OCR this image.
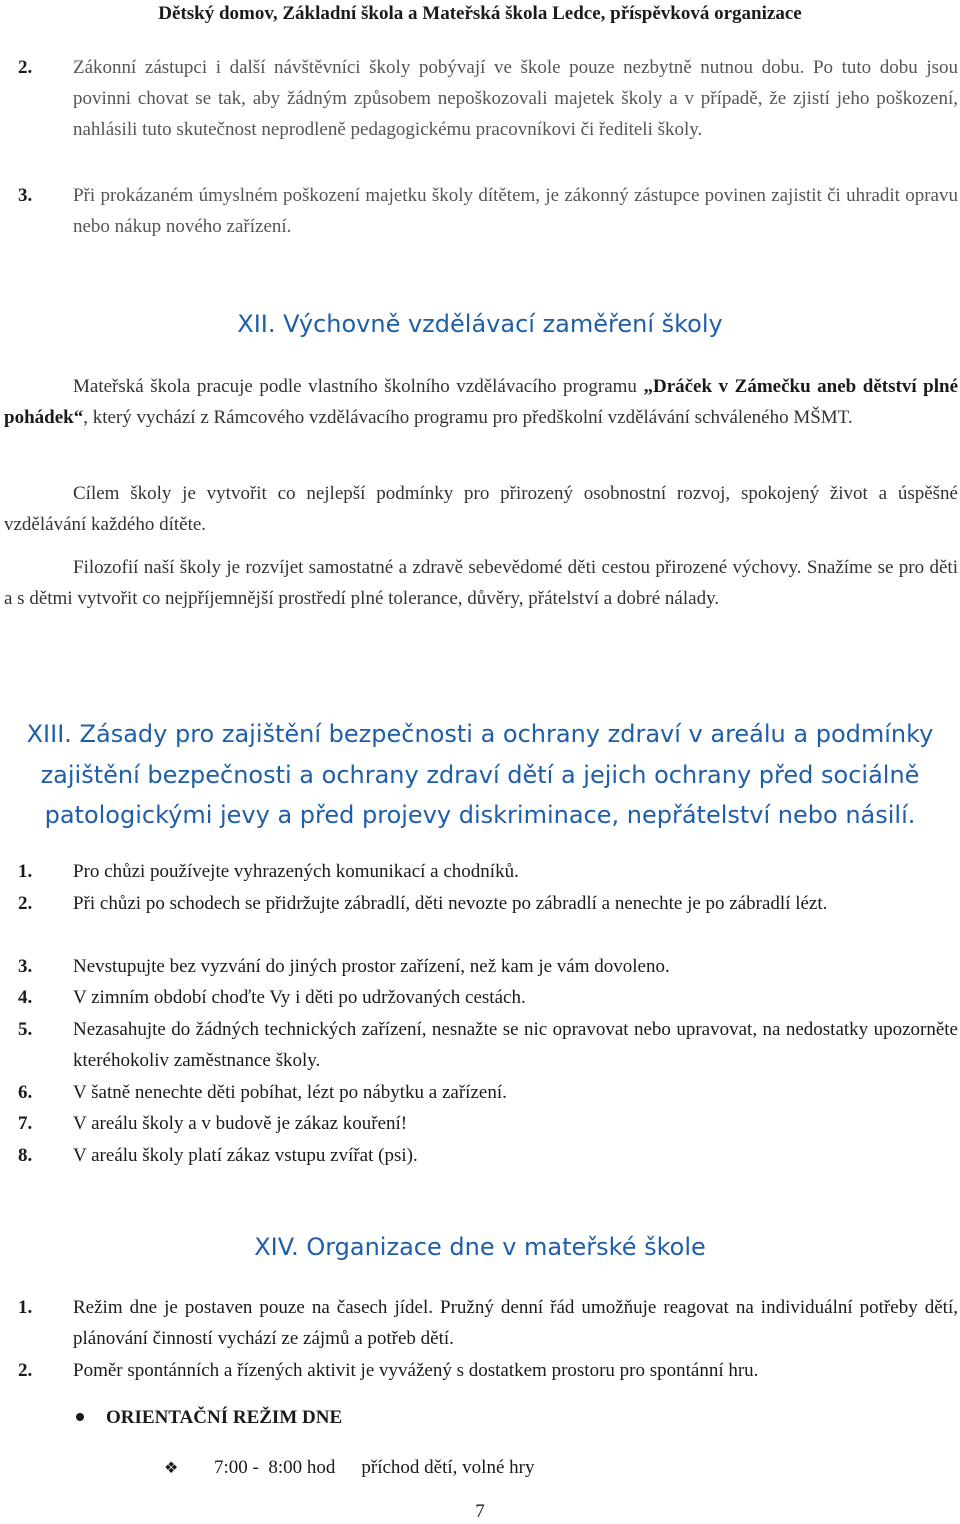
Dětský domov, Základní škola a Mateřská škola Ledce, příspěvková organizace
2. Zákonní zástupci i další návštěvníci školy pobývají ve škole pouze nezbytně nutnou dobu. Po tuto dobu jsou povinni chovat se tak, aby žádným způsobem nepoškozovali majetek školy a v případě, že zjistí jeho poškození, nahlásili tuto skutečnost neprodleně pedagogickému pracovníkovi či řediteli školy.
3. Při prokázaném úmyslném poškození majetku školy dítětem, je zákonný zástupce povinen zajistit či uhradit opravu nebo nákup nového zařízení.
XII. Výchovně vzdělávací zaměření školy
Mateřská škola pracuje podle vlastního školního vzdělávacího programu „Dráček v Zámečku aneb dětství plné pohádek“, který vychází z Rámcového vzdělávacího programu pro předškolní vzdělávání schváleného MŠMT.
Cílem školy je vytvořit co nejlepší podmínky pro přirozený osobnostní rozvoj, spokojený život a úspěšné vzdělávání každého dítěte.
Filozofií naší školy je rozvíjet samostatné a zdravě sebevědomé děti cestou přirozené výchovy. Snažíme se pro děti a s dětmi vytvořit co nejpříjemnější prostředí plné tolerance, důvěry, přátelství a dobré nálady.
XIII. Zásady pro zajištění bezpečnosti a ochrany zdraví v areálu a podmínky
zajištění bezpečnosti a ochrany zdraví dětí a jejich ochrany před sociálně
patologickými jevy a před projevy diskriminace, nepřátelství nebo násilí.
1. Pro chůzi používejte vyhrazených komunikací a chodníků.
2. Při chůzi po schodech se přidržujte zábradlí, děti nevozte po zábradlí a nenechte je po zábradlí lézt.
3. Nevstupujte bez vyzvání do jiných prostor zařízení, než kam je vám dovoleno.
4. V zimním období choďte Vy i děti po udržovaných cestách.
5. Nezasahujte do žádných technických zařízení, nesnažte se nic opravovat nebo upravovat, na nedostatky upozorněte kteréhokoliv zaměstnance školy.
6. V šatně nenechte děti pobíhat, lézt po nábytku a zařízení.
7. V areálu školy a v budově je zákaz kouření!
8. V areálu školy platí zákaz vstupu zvířat (psi).
XIV. Organizace dne v mateřské škole
1. Režim dne je postaven pouze na časech jídel. Pružný denní řád umožňuje reagovat na individuální potřeby dětí, plánování činností vychází ze zájmů a potřeb dětí.
2. Poměr spontánních a řízených aktivit je vyvážený s dostatkem prostoru pro spontánní hru.
ORIENTAČNÍ REŽIM DNE
❖ 7:00 -  8:00 hod příchod dětí, volné hry
7
